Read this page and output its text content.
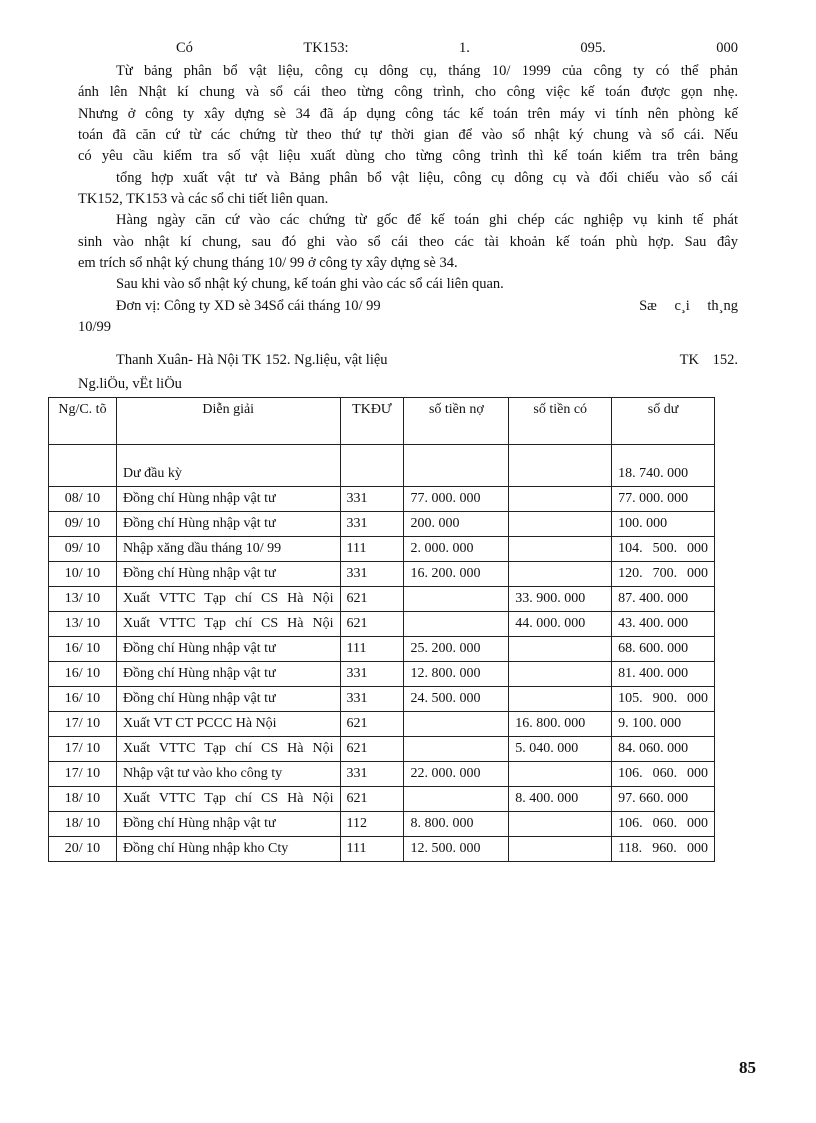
Có	TK153:	1.	095.	000
Từ bảng phân bổ vật liệu, công cụ dông cụ, tháng 10/ 1999 của công ty có thể phản
ánh lên Nhật kí chung và sổ cái theo từng công trình, cho công việc kế toán được gọn nhẹ.
Nhưng ở công ty xây dựng sè 34 đã áp dụng công tác kế toán trên máy vi tính nên phòng kế
toán đã căn cứ từ các chứng từ theo thứ tự thời gian để vào sổ nhật ký chung và sổ cái. Nếu
có yêu cầu kiểm tra số vật liệu xuất dùng cho từng công trình thì kế toán kiểm tra trên bảng
tổng hợp xuất vật tư và Bảng phân bổ vật liệu, công cụ dông cụ và đối chiếu vào sổ cái
TK152, TK153 và các sổ chi tiết liên quan.
Hàng ngày căn cứ vào các chứng từ gốc để kế toán ghi chép các nghiệp vụ kinh tế phát
sinh vào nhật kí chung, sau đó ghi vào sổ cái theo các tài khoản kế toán phù hợp. Sau đây
em trích sổ nhật ký chung tháng 10/ 99 ở công ty xây dựng sè 34.
Sau khi vào sổ nhật ký chung, kế toán ghi vào các sổ cái liên quan.
Đơn vị: Công ty XD sè 34Sổ cái tháng 10/ 99	Sæ c¸i th¸ng
10/99
Thanh Xuân- Hà Nội TK 152. Ng.liệu, vật liệu	TK 152.
Ng.liÖu, vËt liÖu
Ng/C. tõ	Diễn giải	TKĐƯ	số tiền nợ	số tiền có	số dư
	Dư đầu kỳ				18. 740. 000
08/ 10	Đồng chí Hùng nhập vật tư	331	77. 000. 000		77. 000. 000
09/ 10	Đồng chí Hùng nhập vật tư	331	200. 000		100. 000
09/ 10	Nhập xăng dầu tháng 10/ 99	111	2. 000. 000		104. 500. 000
10/ 10	Đồng chí Hùng nhập vật tư	331	16. 200. 000		120. 700. 000
13/ 10	Xuất VTTC Tạp chí CS Hà Nội	621		33. 900. 000	87. 400. 000
13/ 10	Xuất VTTC Tạp chí CS Hà Nội	621		44. 000. 000	43. 400. 000
16/ 10	Đồng chí Hùng nhập vật tư	111	25. 200. 000		68. 600. 000
16/ 10	Đồng chí Hùng nhập vật tư	331	12. 800. 000		81. 400. 000
16/ 10	Đồng chí Hùng nhập vật tư	331	24. 500. 000		105. 900. 000
17/ 10	Xuất VT CT PCCC Hà Nội	621		16. 800. 000	9. 100. 000
17/ 10	Xuất VTTC Tạp chí CS Hà Nội	621		5. 040. 000	84. 060. 000
17/ 10	Nhập vật tư vào kho công ty	331	22. 000. 000		106. 060. 000
18/ 10	Xuất VTTC Tạp chí CS Hà Nội	621		8. 400. 000	97. 660. 000
18/ 10	Đồng chí Hùng nhập vật tư	112	8. 800. 000		106. 060. 000
20/ 10	Đồng chí Hùng nhập kho Cty	111	12. 500. 000		118. 960. 000
85
